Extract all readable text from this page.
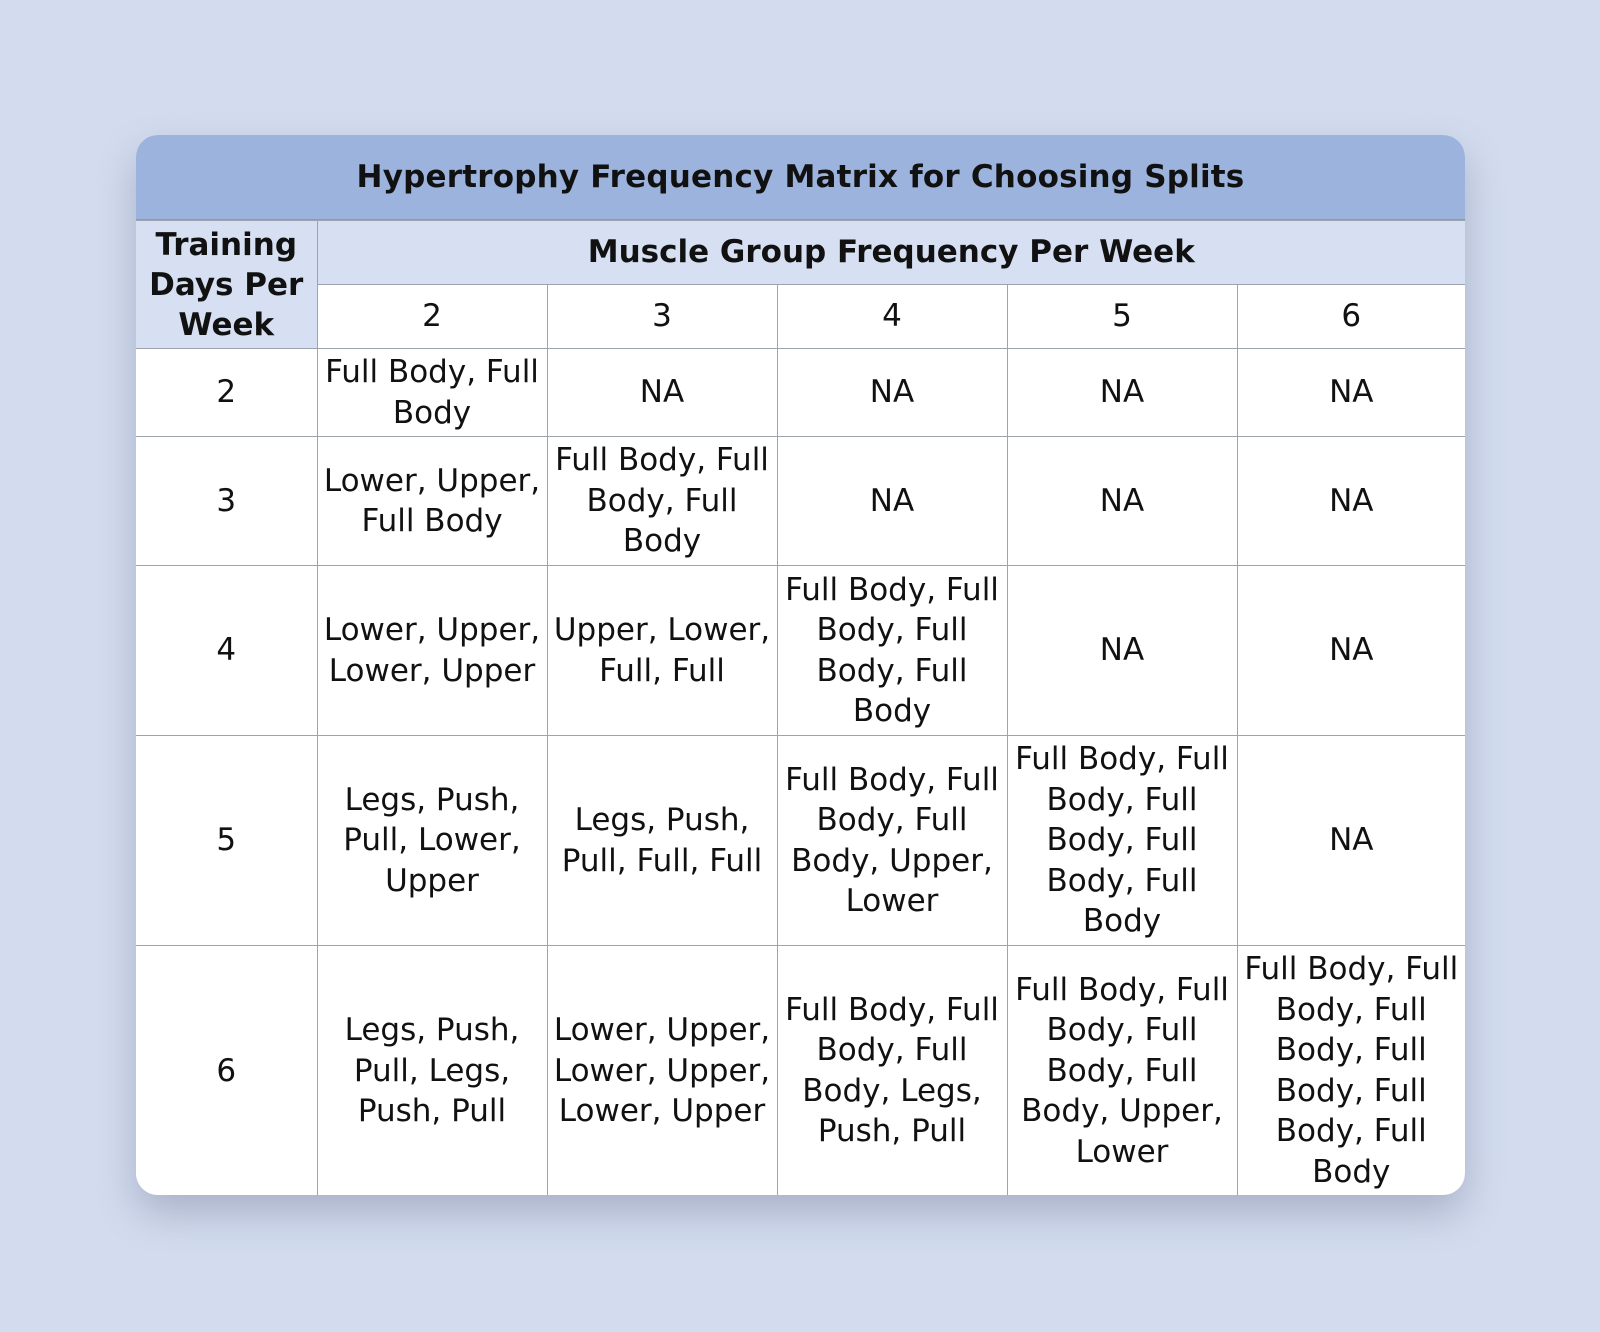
Hypertrophy Frequency Matrix for Choosing Splits
Training Days Per Week	Muscle Group Frequency Per Week				
	2	3	4	5	6
2	Full Body, Full Body	NA	NA	NA	NA
3	Lower, Upper, Full Body	Full Body, Full Body, Full Body	NA	NA	NA
4	Lower, Upper, Lower, Upper	Upper, Lower, Full, Full	Full Body, Full Body, Full Body, Full Body	NA	NA
5	Legs, Push, Pull, Lower, Upper	Legs, Push, Pull, Full, Full	Full Body, Full Body, Full Body, Upper, Lower	Full Body, Full Body, Full Body, Full Body, Full Body	NA
6	Legs, Push, Pull, Legs, Push, Pull	Lower, Upper, Lower, Upper, Lower, Upper	Full Body, Full Body, Full Body, Legs, Push, Pull	Full Body, Full Body, Full Body, Full Body, Upper, Lower	Full Body, Full Body, Full Body, Full Body, Full Body, Full Body
